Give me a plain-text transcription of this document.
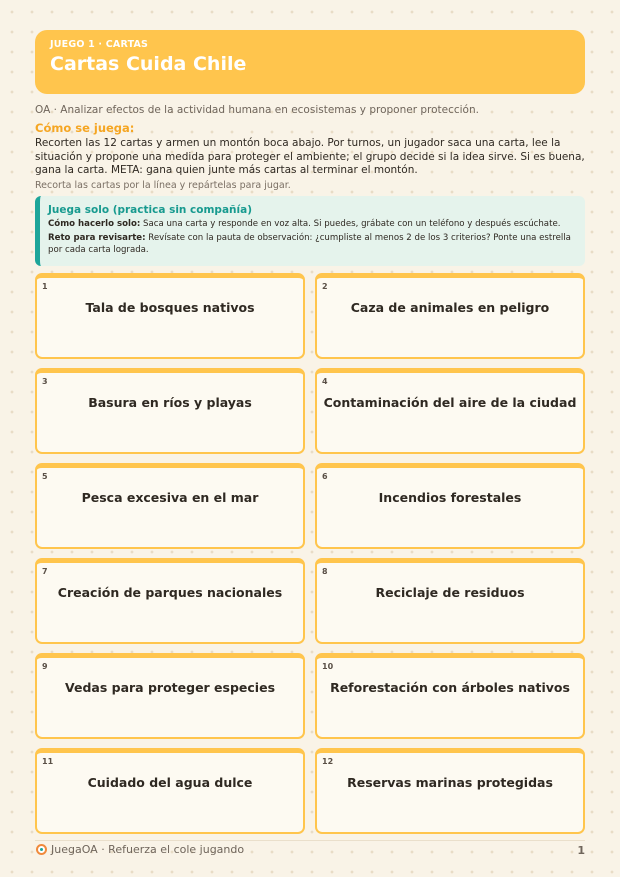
JUEGO 1 · CARTAS
Cartas Cuida Chile
OA · Analizar efectos de la actividad humana en ecosistemas y proponer protección.
Cómo se juega:
Recorten las 12 cartas y armen un montón boca abajo. Por turnos, un jugador saca una carta, lee la situación y propone una medida para proteger el ambiente; el grupo decide si la idea sirve. Si es buena, gana la carta. META: gana quien junte más cartas al terminar el montón.
Recorta las cartas por la línea y repártelas para jugar.
Juega solo (practica sin compañía)
Cómo hacerlo solo: Saca una carta y responde en voz alta. Si puedes, grábate con un teléfono y después escúchate.
Reto para revisarte: Revísate con la pauta de observación: ¿cumpliste al menos 2 de los 3 criterios? Ponte una estrella por cada carta lograda.
1
Tala de bosques nativos
2
Caza de animales en peligro
3
Basura en ríos y playas
4
Contaminación del aire de la ciudad
5
Pesca excesiva en el mar
6
Incendios forestales
7
Creación de parques nacionales
8
Reciclaje de residuos
9
Vedas para proteger especies
10
Reforestación con árboles nativos
11
Cuidado del agua dulce
12
Reservas marinas protegidas
JuegaOA · Refuerza el cole jugando	1
